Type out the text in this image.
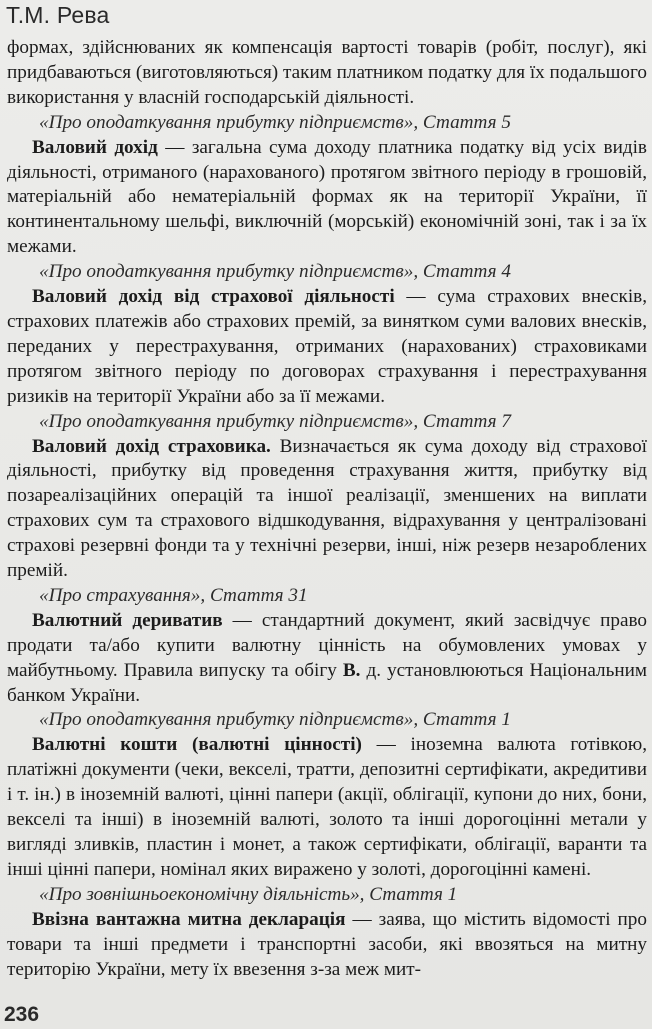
Т.М. Рева

формах, здійснюваних як компенсація вартості товарів (робіт, послуг), які придбаваються (виготовляються) таким платником податку для їх подальшого використання у власній господарській діяльності.

«Про оподаткування прибутку підприємств», Стаття 5

Валовий дохід — загальна сума доходу платника податку від усіх видів діяльності, отриманого (нарахованого) протягом звітного періоду в грошовій, матеріальній або нематеріальній формах як на території України, її континентальному шельфі, виключній (морській) економічній зоні, так і за їх межами.

«Про оподаткування прибутку підприємств», Стаття 4

Валовий дохід від страхової діяльності — сума страхових внесків, страхових платежів або страхових премій, за винятком суми валових внесків, переданих у перестрахування, отриманих (нарахованих) страховиками протягом звітного періоду по договорах страхування і перестрахування ризиків на території України або за її межами.

«Про оподаткування прибутку підприємств», Стаття 7

Валовий дохід страховика. Визначається як сума доходу від страхової діяльності, прибутку від проведення страхування життя, прибутку від позареалізаційних операцій та іншої реалізації, зменшених на виплати страхових сум та страхового відшкодування, відрахування у централізовані страхові резервні фонди та у технічні резерви, інші, ніж резерв незароблених премій.

«Про страхування», Стаття 31

Валютний дериватив — стандартний документ, який засвідчує право продати та/або купити валютну цінність на обумовлених умовах у майбутньому. Правила випуску та обігу В. д. установлюються Національним банком України.

«Про оподаткування прибутку підприємств», Стаття 1

Валютні кошти (валютні цінності) — іноземна валюта готівкою, платіжні документи (чеки, векселі, тратти, депозитні сертифікати, акредитиви і т. ін.) в іноземній валюті, цінні папери (акції, облігації, купони до них, бони, векселі та інші) в іноземній валюті, золото та інші дорогоцінні метали у вигляді зливків, пластин і монет, а також сертифікати, облігації, варанти та інші цінні папери, номінал яких виражено у золоті, дорогоцінні камені.

«Про зовнішньоекономічну діяльність», Стаття 1

Ввізна вантажна митна декларація — заява, що містить відомості про товари та інші предмети і транспортні засоби, які ввозяться на митну територію України, мету їх ввезення з-за меж мит-

236
